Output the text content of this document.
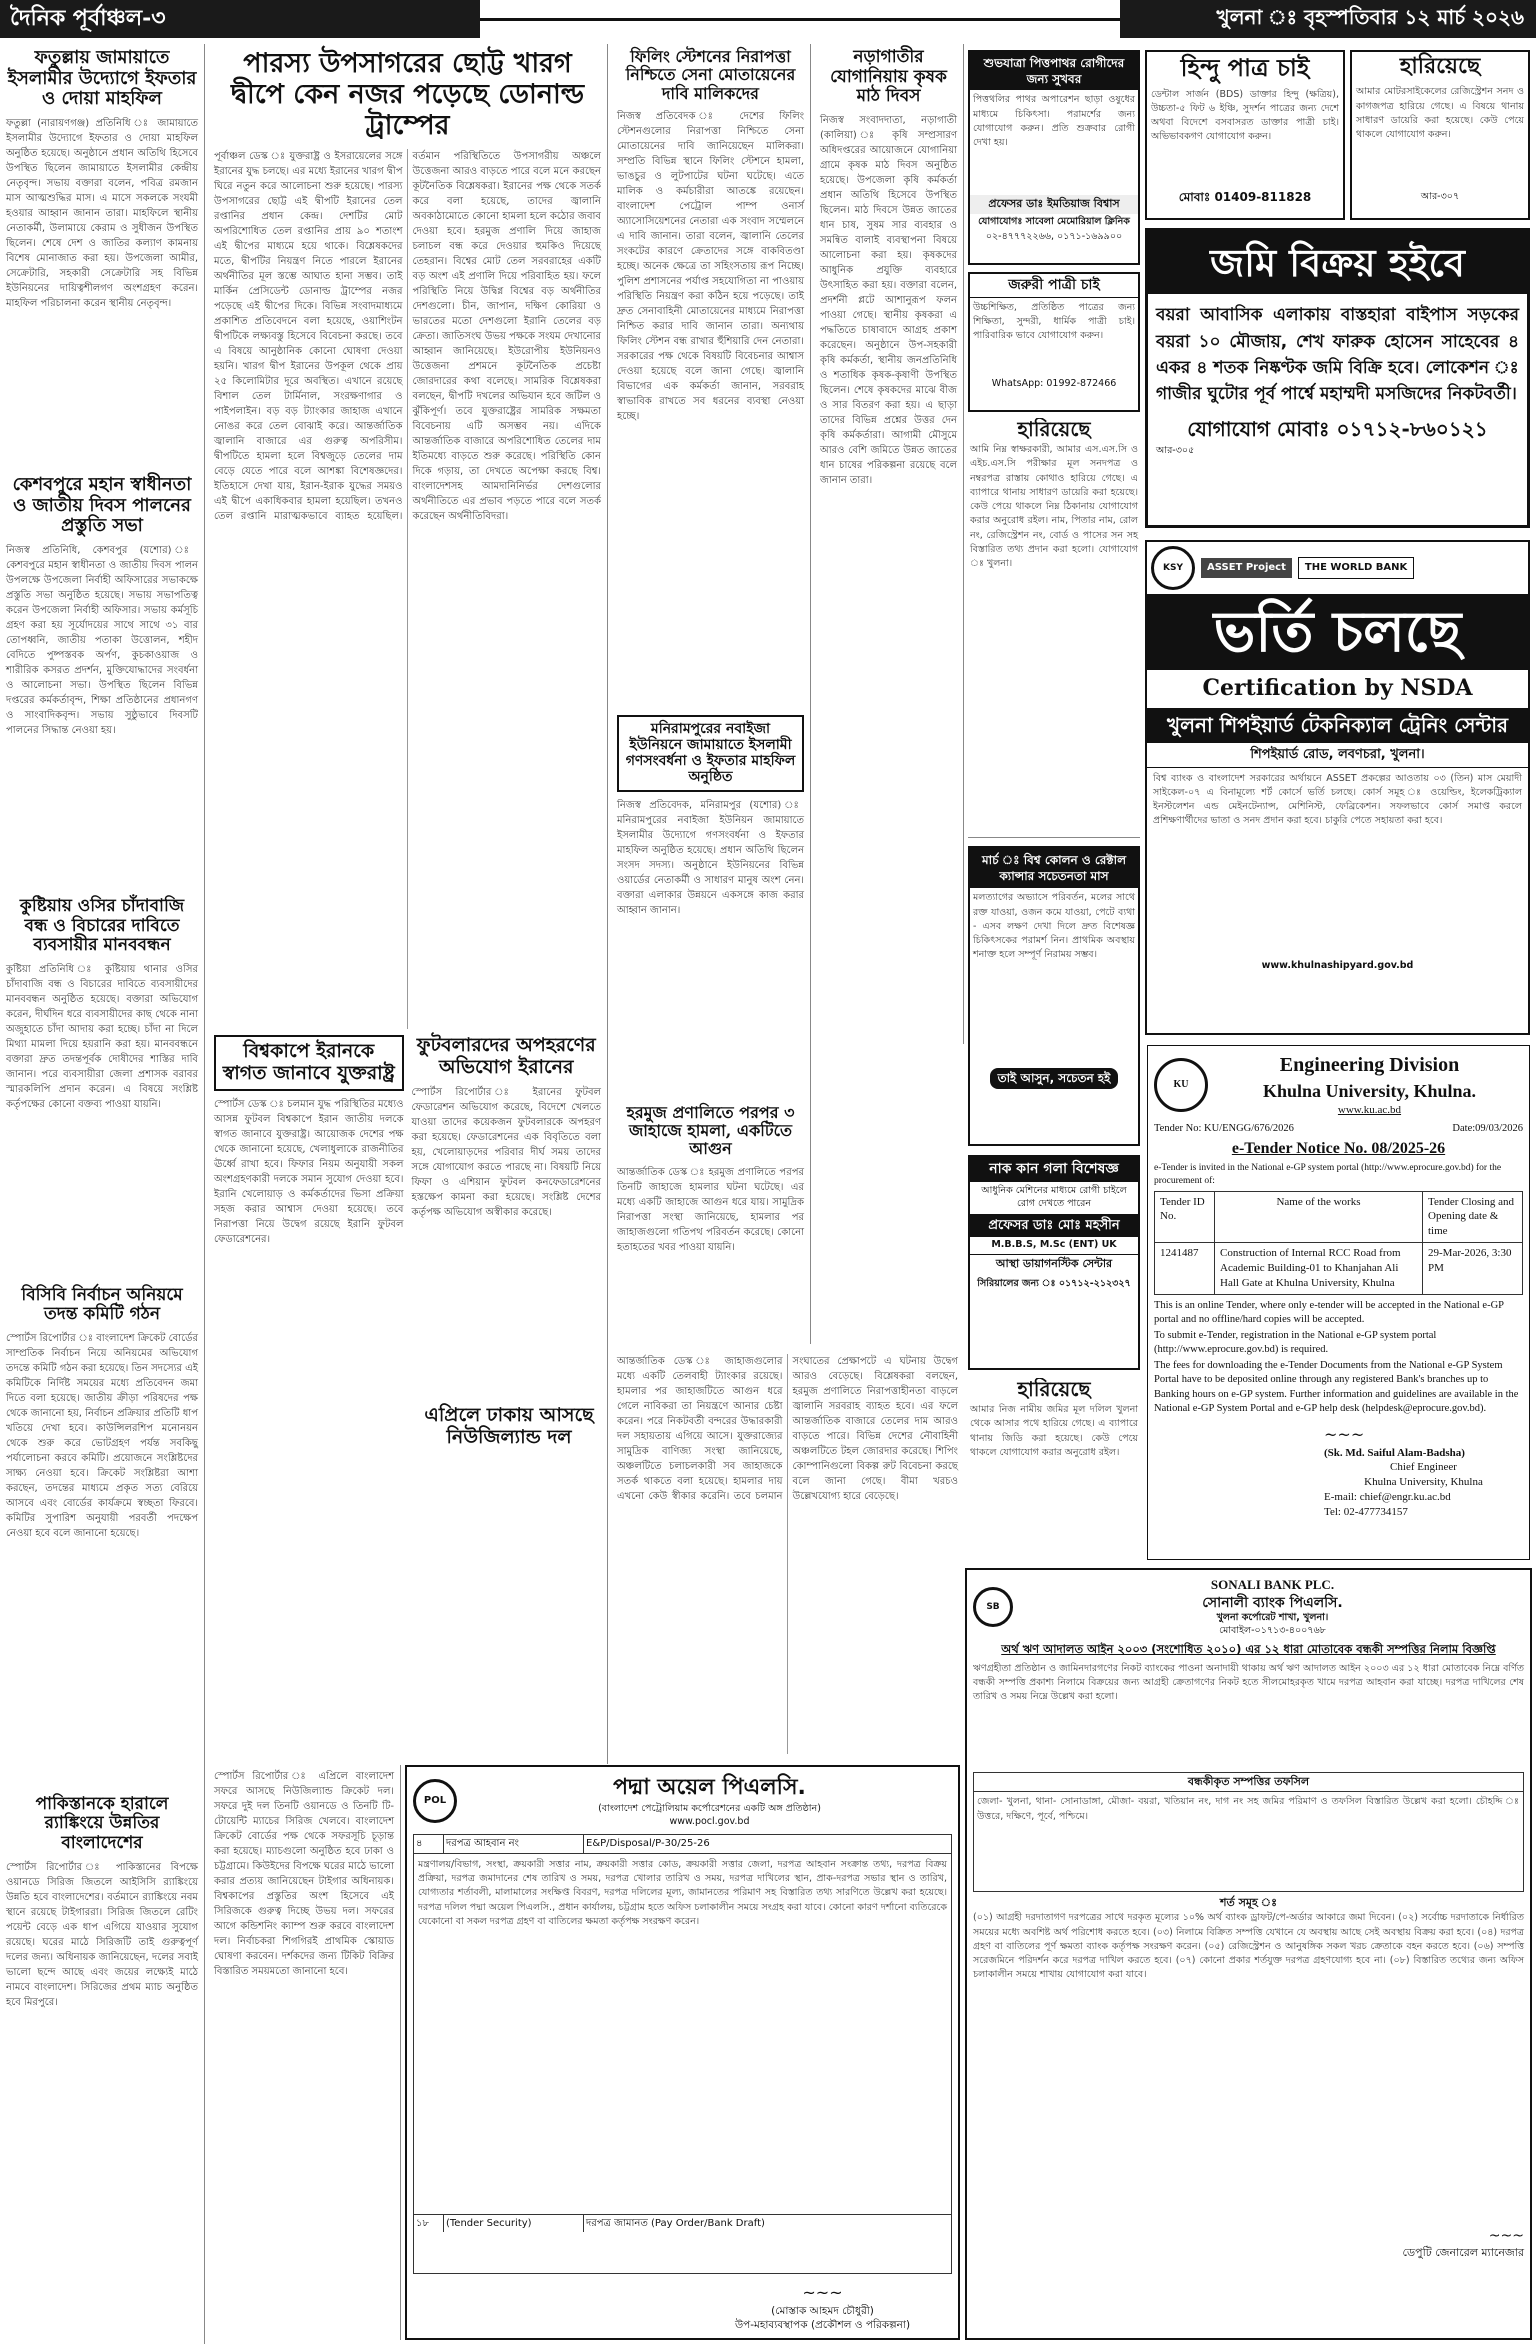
দৈনিক পূর্বাঞ্চল-৩	খুলনা ঃ বৃহস্পতিবার ১২ মার্চ ২০২৬
ফতুল্লায় জামায়াতে ইসলামীর উদ্যোগে ইফতার ও দোয়া মাহফিল
ফতুল্লা (নারায়ণগঞ্জ) প্রতিনিধি ঃ জামায়াতে ইসলামীর উদ্যোগে ইফতার ও দোয়া মাহফিল অনুষ্ঠিত হয়েছে। অনুষ্ঠানে প্রধান অতিথি হিসেবে উপস্থিত ছিলেন জামায়াতে ইসলামীর কেন্দ্রীয় নেতৃবৃন্দ। সভায় বক্তারা বলেন, পবিত্র রমজান মাস আত্মশুদ্ধির মাস। এ মাসে সকলকে সংযমী হওয়ার আহ্বান জানান তারা। মাহফিলে স্থানীয় নেতাকর্মী, উলামায়ে কেরাম ও সুধীজন উপস্থিত ছিলেন। শেষে দেশ ও জাতির কল্যাণ কামনায় বিশেষ মোনাজাত করা হয়। উপজেলা আমীর, সেক্রেটারি, সহকারী সেক্রেটারি সহ বিভিন্ন ইউনিয়নের দায়িত্বশীলগণ অংশগ্রহণ করেন। মাহফিল পরিচালনা করেন স্থানীয় নেতৃবৃন্দ।
কেশবপুরে মহান স্বাধীনতা ও জাতীয় দিবস পালনের প্রস্তুতি সভা
নিজস্ব প্রতিনিধি, কেশবপুর (যশোর) ঃ কেশবপুরে মহান স্বাধীনতা ও জাতীয় দিবস পালন উপলক্ষে উপজেলা নির্বাহী অফিসারের সভাকক্ষে প্রস্তুতি সভা অনুষ্ঠিত হয়েছে। সভায় সভাপতিত্ব করেন উপজেলা নির্বাহী অফিসার। সভায় কর্মসূচি গ্রহণ করা হয় সূর্যোদয়ের সাথে সাথে ৩১ বার তোপধ্বনি, জাতীয় পতাকা উত্তোলন, শহীদ বেদিতে পুষ্পস্তবক অর্পণ, কুচকাওয়াজ ও শারীরিক কসরত প্রদর্শন, মুক্তিযোদ্ধাদের সংবর্ধনা ও আলোচনা সভা। উপস্থিত ছিলেন বিভিন্ন দপ্তরের কর্মকর্তাবৃন্দ, শিক্ষা প্রতিষ্ঠানের প্রধানগণ ও সাংবাদিকবৃন্দ। সভায় সুষ্ঠুভাবে দিবসটি পালনের সিদ্ধান্ত নেওয়া হয়।
কুষ্টিয়ায় ওসির চাঁদাবাজি বন্ধ ও বিচারের দাবিতে ব্যবসায়ীর মানববন্ধন
কুষ্টিয়া প্রতিনিধি ঃ কুষ্টিয়ায় থানার ওসির চাঁদাবাজি বন্ধ ও বিচারের দাবিতে ব্যবসায়ীদের মানববন্ধন অনুষ্ঠিত হয়েছে। বক্তারা অভিযোগ করেন, দীর্ঘদিন ধরে ব্যবসায়ীদের কাছ থেকে নানা অজুহাতে চাঁদা আদায় করা হচ্ছে। চাঁদা না দিলে মিথ্যা মামলা দিয়ে হয়রানি করা হয়। মানববন্ধনে বক্তারা দ্রুত তদন্তপূর্বক দোষীদের শাস্তির দাবি জানান। পরে ব্যবসায়ীরা জেলা প্রশাসক বরাবর স্মারকলিপি প্রদান করেন। এ বিষয়ে সংশ্লিষ্ট কর্তৃপক্ষের কোনো বক্তব্য পাওয়া যায়নি।
বিসিবি নির্বাচন অনিয়মে তদন্ত কমিটি গঠন
স্পোর্টস রিপোর্টার ঃ বাংলাদেশ ক্রিকেট বোর্ডের সাম্প্রতিক নির্বাচন নিয়ে অনিয়মের অভিযোগ তদন্তে কমিটি গঠন করা হয়েছে। তিন সদস্যের এই কমিটিকে নির্দিষ্ট সময়ের মধ্যে প্রতিবেদন জমা দিতে বলা হয়েছে। জাতীয় ক্রীড়া পরিষদের পক্ষ থেকে জানানো হয়, নির্বাচন প্রক্রিয়ার প্রতিটি ধাপ খতিয়ে দেখা হবে। কাউন্সিলরশিপ মনোনয়ন থেকে শুরু করে ভোটগ্রহণ পর্যন্ত সবকিছু পর্যালোচনা করবে কমিটি। প্রয়োজনে সংশ্লিষ্টদের সাক্ষ্য নেওয়া হবে। ক্রিকেট সংশ্লিষ্টরা আশা করছেন, তদন্তের মাধ্যমে প্রকৃত সত্য বেরিয়ে আসবে এবং বোর্ডের কার্যক্রমে স্বচ্ছতা ফিরবে। কমিটির সুপারিশ অনুযায়ী পরবর্তী পদক্ষেপ নেওয়া হবে বলে জানানো হয়েছে।
পাকিস্তানকে হারালে র‍্যাঙ্কিংয়ে উন্নতির বাংলাদেশের
স্পোর্টস রিপোর্টার ঃ পাকিস্তানের বিপক্ষে ওয়ানডে সিরিজ জিতলে আইসিসি র‍্যাঙ্কিংয়ে উন্নতি হবে বাংলাদেশের। বর্তমানে র‍্যাঙ্কিংয়ে নবম স্থানে রয়েছে টাইগাররা। সিরিজ জিতলে রেটিং পয়েন্ট বেড়ে এক ধাপ এগিয়ে যাওয়ার সুযোগ রয়েছে। ঘরের মাঠে সিরিজটি তাই গুরুত্বপূর্ণ দলের জন্য। অধিনায়ক জানিয়েছেন, দলের সবাই ভালো ছন্দে আছে এবং জয়ের লক্ষ্যেই মাঠে নামবে বাংলাদেশ। সিরিজের প্রথম ম্যাচ অনুষ্ঠিত হবে মিরপুরে।
পারস্য উপসাগরের ছোট্ট খারগ দ্বীপে কেন নজর পড়েছে ডোনাল্ড ট্রাম্পের
পূর্বাঞ্চল ডেস্ক ঃ যুক্তরাষ্ট্র ও ইসরায়েলের সঙ্গে ইরানের যুদ্ধ চলছে। এর মধ্যে ইরানের খারগ দ্বীপ ঘিরে নতুন করে আলোচনা শুরু হয়েছে। পারস্য উপসাগরের ছোট্ট এই দ্বীপটি ইরানের তেল রপ্তানির প্রধান কেন্দ্র। দেশটির মোট অপরিশোধিত তেল রপ্তানির প্রায় ৯০ শতাংশ এই দ্বীপের মাধ্যমে হয়ে থাকে। বিশ্লেষকদের মতে, দ্বীপটির নিয়ন্ত্রণ নিতে পারলে ইরানের অর্থনীতির মূল স্তম্ভে আঘাত হানা সম্ভব। তাই মার্কিন প্রেসিডেন্ট ডোনাল্ড ট্রাম্পের নজর পড়েছে এই দ্বীপের দিকে। বিভিন্ন সংবাদমাধ্যমে প্রকাশিত প্রতিবেদনে বলা হয়েছে, ওয়াশিংটন দ্বীপটিকে লক্ষ্যবস্তু হিসেবে বিবেচনা করছে। তবে এ বিষয়ে আনুষ্ঠানিক কোনো ঘোষণা দেওয়া হয়নি। খারগ দ্বীপ ইরানের উপকূল থেকে প্রায় ২৫ কিলোমিটার দূরে অবস্থিত। এখানে রয়েছে বিশাল তেল টার্মিনাল, সংরক্ষণাগার ও পাইপলাইন। বড় বড় ট্যাংকার জাহাজ এখানে নোঙর করে তেল বোঝাই করে। আন্তর্জাতিক জ্বালানি বাজারে এর গুরুত্ব অপরিসীম। দ্বীপটিতে হামলা হলে বিশ্বজুড়ে তেলের দাম বেড়ে যেতে পারে বলে আশঙ্কা বিশেষজ্ঞদের। ইতিহাসে দেখা যায়, ইরান-ইরাক যুদ্ধের সময়ও এই দ্বীপে একাধিকবার হামলা হয়েছিল। তখনও তেল রপ্তানি মারাত্মকভাবে ব্যাহত হয়েছিল। বর্তমান পরিস্থিতিতে উপসাগরীয় অঞ্চলে উত্তেজনা আরও বাড়তে পারে বলে মনে করছেন কূটনৈতিক বিশ্লেষকরা। ইরানের পক্ষ থেকে সতর্ক করে বলা হয়েছে, তাদের জ্বালানি অবকাঠামোতে কোনো হামলা হলে কঠোর জবাব দেওয়া হবে। হরমুজ প্রণালি দিয়ে জাহাজ চলাচল বন্ধ করে দেওয়ার হুমকিও দিয়েছে তেহরান। বিশ্বের মোট তেল সরবরাহের একটি বড় অংশ এই প্রণালি দিয়ে পরিবাহিত হয়। ফলে পরিস্থিতি নিয়ে উদ্বিগ্ন বিশ্বের বড় অর্থনীতির দেশগুলো। চীন, জাপান, দক্ষিণ কোরিয়া ও ভারতের মতো দেশগুলো ইরানি তেলের বড় ক্রেতা। জাতিসংঘ উভয় পক্ষকে সংযম দেখানোর আহ্বান জানিয়েছে। ইউরোপীয় ইউনিয়নও উত্তেজনা প্রশমনে কূটনৈতিক প্রচেষ্টা জোরদারের কথা বলেছে। সামরিক বিশ্লেষকরা বলছেন, দ্বীপটি দখলের অভিযান হবে জটিল ও ঝুঁকিপূর্ণ। তবে যুক্তরাষ্ট্রের সামরিক সক্ষমতা বিবেচনায় এটি অসম্ভব নয়। এদিকে আন্তর্জাতিক বাজারে অপরিশোধিত তেলের দাম ইতিমধ্যে বাড়তে শুরু করেছে। পরিস্থিতি কোন দিকে গড়ায়, তা দেখতে অপেক্ষা করছে বিশ্ব। বাংলাদেশসহ আমদানিনির্ভর দেশগুলোর অর্থনীতিতে এর প্রভাব পড়তে পারে বলে সতর্ক করেছেন অর্থনীতিবিদরা।
বিশ্বকাপে ইরানকে স্বাগত জানাবে যুক্তরাষ্ট্র
স্পোর্টস ডেস্ক ঃ চলমান যুদ্ধ পরিস্থিতির মধ্যেও আসন্ন ফুটবল বিশ্বকাপে ইরান জাতীয় দলকে স্বাগত জানাবে যুক্তরাষ্ট্র। আয়োজক দেশের পক্ষ থেকে জানানো হয়েছে, খেলাধুলাকে রাজনীতির ঊর্ধ্বে রাখা হবে। ফিফার নিয়ম অনুযায়ী সকল অংশগ্রহণকারী দলকে সমান সুযোগ দেওয়া হবে। ইরানি খেলোয়াড় ও কর্মকর্তাদের ভিসা প্রক্রিয়া সহজ করার আশ্বাস দেওয়া হয়েছে। তবে নিরাপত্তা নিয়ে উদ্বেগ রয়েছে ইরানি ফুটবল ফেডারেশনের।
ফুটবলারদের অপহরণের অভিযোগ ইরানের
স্পোর্টস রিপোর্টার ঃ ইরানের ফুটবল ফেডারেশন অভিযোগ করেছে, বিদেশে খেলতে যাওয়া তাদের কয়েকজন ফুটবলারকে অপহরণ করা হয়েছে। ফেডারেশনের এক বিবৃতিতে বলা হয়, খেলোয়াড়দের পরিবার দীর্ঘ সময় তাদের সঙ্গে যোগাযোগ করতে পারছে না। বিষয়টি নিয়ে ফিফা ও এশিয়ান ফুটবল কনফেডারেশনের হস্তক্ষেপ কামনা করা হয়েছে। সংশ্লিষ্ট দেশের কর্তৃপক্ষ অভিযোগ অস্বীকার করেছে।
এপ্রিলে ঢাকায় আসছে নিউজিল্যান্ড দল
ফিলিং স্টেশনের নিরাপত্তা নিশ্চিতে সেনা মোতায়েনের দাবি মালিকদের
নিজস্ব প্রতিবেদক ঃ দেশের ফিলিং স্টেশনগুলোর নিরাপত্তা নিশ্চিতে সেনা মোতায়েনের দাবি জানিয়েছেন মালিকরা। সম্প্রতি বিভিন্ন স্থানে ফিলিং স্টেশনে হামলা, ভাঙচুর ও লুটপাটের ঘটনা ঘটেছে। এতে মালিক ও কর্মচারীরা আতঙ্কে রয়েছেন। বাংলাদেশ পেট্রোল পাম্প ওনার্স অ্যাসোসিয়েশনের নেতারা এক সংবাদ সম্মেলনে এ দাবি জানান। তারা বলেন, জ্বালানি তেলের সংকটের কারণে ক্রেতাদের সঙ্গে বাকবিতণ্ডা হচ্ছে। অনেক ক্ষেত্রে তা সহিংসতায় রূপ নিচ্ছে। পুলিশ প্রশাসনের পর্যাপ্ত সহযোগিতা না পাওয়ায় পরিস্থিতি নিয়ন্ত্রণ করা কঠিন হয়ে পড়েছে। তাই দ্রুত সেনাবাহিনী মোতায়েনের মাধ্যমে নিরাপত্তা নিশ্চিত করার দাবি জানান তারা। অন্যথায় ফিলিং স্টেশন বন্ধ রাখার হুঁশিয়ারি দেন নেতারা। সরকারের পক্ষ থেকে বিষয়টি বিবেচনার আশ্বাস দেওয়া হয়েছে বলে জানা গেছে। জ্বালানি বিভাগের এক কর্মকর্তা জানান, সরবরাহ স্বাভাবিক রাখতে সব ধরনের ব্যবস্থা নেওয়া হচ্ছে।
মনিরামপুরের নবাইজা ইউনিয়নে জামায়াতে ইসলামী গণসংবর্ধনা ও ইফতার মাহফিল অনুষ্ঠিত
নিজস্ব প্রতিবেদক, মনিরামপুর (যশোর) ঃ মনিরামপুরের নবাইজা ইউনিয়ন জামায়াতে ইসলামীর উদ্যোগে গণসংবর্ধনা ও ইফতার মাহফিল অনুষ্ঠিত হয়েছে। প্রধান অতিথি ছিলেন সংসদ সদস্য। অনুষ্ঠানে ইউনিয়নের বিভিন্ন ওয়ার্ডের নেতাকর্মী ও সাধারণ মানুষ অংশ নেন। বক্তারা এলাকার উন্নয়নে একসঙ্গে কাজ করার আহ্বান জানান।
হরমুজ প্রণালিতে পরপর ৩ জাহাজে হামলা, একটিতে আগুন
আন্তর্জাতিক ডেস্ক ঃ হরমুজ প্রণালিতে পরপর তিনটি জাহাজে হামলার ঘটনা ঘটেছে। এর মধ্যে একটি জাহাজে আগুন ধরে যায়। সামুদ্রিক নিরাপত্তা সংস্থা জানিয়েছে, হামলার পর জাহাজগুলো গতিপথ পরিবর্তন করেছে। কোনো হতাহতের খবর পাওয়া যায়নি।
নড়াগাতীর যোগানিয়ায় কৃষক মাঠ দিবস
নিজস্ব সংবাদদাতা, নড়াগাতী (কালিয়া) ঃ কৃষি সম্প্রসারণ অধিদপ্তরের আয়োজনে যোগানিয়া গ্রামে কৃষক মাঠ দিবস অনুষ্ঠিত হয়েছে। উপজেলা কৃষি কর্মকর্তা প্রধান অতিথি হিসেবে উপস্থিত ছিলেন। মাঠ দিবসে উন্নত জাতের ধান চাষ, সুষম সার ব্যবহার ও সমন্বিত বালাই ব্যবস্থাপনা বিষয়ে আলোচনা করা হয়। কৃষকদের আধুনিক প্রযুক্তি ব্যবহারে উৎসাহিত করা হয়। বক্তারা বলেন, প্রদর্শনী প্লটে আশানুরূপ ফলন পাওয়া গেছে। স্থানীয় কৃষকরা এ পদ্ধতিতে চাষাবাদে আগ্রহ প্রকাশ করেছেন। অনুষ্ঠানে উপ-সহকারী কৃষি কর্মকর্তা, স্থানীয় জনপ্রতিনিধি ও শতাধিক কৃষক-কৃষাণী উপস্থিত ছিলেন। শেষে কৃষকদের মাঝে বীজ ও সার বিতরণ করা হয়। এ ছাড়া তাদের বিভিন্ন প্রশ্নের উত্তর দেন কৃষি কর্মকর্তারা। আগামী মৌসুমে আরও বেশি জমিতে উন্নত জাতের ধান চাষের পরিকল্পনা রয়েছে বলে জানান তারা।
শুভযাত্রা পিত্তপাথর রোগীদের জন্য সুখবর
পিত্তথলির পাথর অপারেশন ছাড়া ওষুধের মাধ্যমে চিকিৎসা। পরামর্শের জন্য যোগাযোগ করুন। প্রতি শুক্রবার রোগী দেখা হয়।
প্রফেসর ডাঃ ইমতিয়াজ বিশ্বাস
যোগাযোগঃ সাবেলা মেমোরিয়াল ক্লিনিক
০২-৪৭৭৭২২৬৬, ০১৭১-১৬৯৯০০
জরুরী পাত্রী চাই
উচ্চশিক্ষিত, প্রতিষ্ঠিত পাত্রের জন্য শিক্ষিতা, সুন্দরী, ধার্মিক পাত্রী চাই। পারিবারিক ভাবে যোগাযোগ করুন।
WhatsApp: 01992-872466
হারিয়েছে
আমি নিম্ন স্বাক্ষরকারী, আমার এস.এস.সি ও এইচ.এস.সি পরীক্ষার মূল সনদপত্র ও নম্বরপত্র রাস্তায় কোথাও হারিয়ে গেছে। এ ব্যাপারে থানায় সাধারণ ডায়েরি করা হয়েছে। কেউ পেয়ে থাকলে নিম্ন ঠিকানায় যোগাযোগ করার অনুরোধ রইল। নাম, পিতার নাম, রোল নং, রেজিস্ট্রেশন নং, বোর্ড ও পাসের সন সহ বিস্তারিত তথ্য প্রদান করা হলো। যোগাযোগ ঃ খুলনা।
মার্চ ঃ বিশ্ব কোলন ও রেক্টাল ক্যান্সার সচেতনতা মাস
মলত্যাগের অভ্যাসে পরিবর্তন, মলের সাথে রক্ত যাওয়া, ওজন কমে যাওয়া, পেটে ব্যথা - এসব লক্ষণ দেখা দিলে দ্রুত বিশেষজ্ঞ চিকিৎসকের পরামর্শ নিন। প্রাথমিক অবস্থায় শনাক্ত হলে সম্পূর্ণ নিরাময় সম্ভব।
তাই আসুন, সচেতন হই
নাক কান গলা বিশেষজ্ঞ
আধুনিক মেশিনের মাধ্যমে রোগী চাইলে রোগ দেখতে পারেন
প্রফেসর ডাঃ মোঃ মহসীন
M.B.B.S, M.Sc (ENT) UK
আস্থা ডায়াগনস্টিক সেন্টার
সিরিয়ালের জন্য ঃ ০১৭১২-২১২৩২৭
হারিয়েছে
আমার নিজ নামীয় জমির মূল দলিল খুলনা থেকে আসার পথে হারিয়ে গেছে। এ ব্যাপারে থানায় জিডি করা হয়েছে। কেউ পেয়ে থাকলে যোগাযোগ করার অনুরোধ রইল।
হিন্দু পাত্র চাই
ডেন্টাল সার্জন (BDS) ডাক্তার হিন্দু (ক্ষত্রিয়), উচ্চতা-৫ ফিট ৬ ইঞ্চি, সুদর্শন পাত্রের জন্য দেশে অথবা বিদেশে বসবাসরত ডাক্তার পাত্রী চাই। অভিভাবকগণ যোগাযোগ করুন।
মোবাঃ 01409-811828
হারিয়েছে
আমার মোটরসাইকেলের রেজিস্ট্রেশন সনদ ও কাগজপত্র হারিয়ে গেছে। এ বিষয়ে থানায় সাধারণ ডায়েরি করা হয়েছে। কেউ পেয়ে থাকলে যোগাযোগ করুন।
আর-৩০৭
জমি বিক্রয় হইবে
বয়রা আবাসিক এলাকায় বাস্তহারা বাইপাস সড়কের বয়রা ১০ মৌজায়, শেখ ফারুক হোসেন সাহেবের ৪ একর ৪ শতক নিষ্কণ্টক জমি বিক্রি হবে। লোকেশন ঃ গাজীর ঘুটোর পূর্ব পার্শ্বে মহাম্মদী মসজিদের নিকটবর্তী।
যোগাযোগ মোবাঃ ০১৭১২-৮৬০১২১
আর-৩০৫
KSY	ASSET Project	THE WORLD BANK
ভর্তি চলছে
Certification by NSDA
খুলনা শিপইয়ার্ড টেকনিক্যাল ট্রেনিং সেন্টার
শিপইয়ার্ড রোড, লবণচরা, খুলনা।
বিশ্ব ব্যাংক ও বাংলাদেশ সরকারের অর্থায়নে ASSET প্রকল্পের আওতায় ০৩ (তিন) মাস মেয়াদী সাইকেল-০৭ এ বিনামূল্যে শর্ট কোর্সে ভর্তি চলছে। কোর্স সমূহ ঃ ওয়েল্ডিং, ইলেকট্রিক্যাল ইনস্টলেশন এন্ড মেইনটেন্যান্স, মেশিনিস্ট, ফেব্রিকেশন। সফলভাবে কোর্স সমাপ্ত করলে প্রশিক্ষণার্থীদের ভাতা ও সনদ প্রদান করা হবে। চাকুরি পেতে সহায়তা করা হবে।
www.khulnashipyard.gov.bd
KU
Engineering Division
Khulna University, Khulna.
www.ku.ac.bd
Tender No: KU/ENGG/676/2026	Date:09/03/2026
e-Tender Notice No. 08/2025-26
e-Tender is invited in the National e-GP system portal (http://www.eprocure.gov.bd) for the procurement of:
Tender ID No.	Name of the works	Tender Closing and Opening date & time
1241487	Construction of Internal RCC Road from Academic Building-01 to Khanjahan Ali Hall Gate at Khulna University, Khulna	29-Mar-2026, 3:30 PM
This is an online Tender, where only e-tender will be accepted in the National e-GP portal and no offline/hard copies will be accepted.
To submit e-Tender, registration in the National e-GP system portal (http://www.eprocure.gov.bd) is required.
The fees for downloading the e-Tender Documents from the National e-GP System Portal have to be deposited online through any registered Bank's branches up to Banking hours on e-GP system. Further information and guidelines are available in the National e-GP System Portal and e-GP help desk (helpdesk@eprocure.gov.bd).
~~~
(Sk. Md. Saiful Alam-Badsha)
Chief Engineer
Khulna University, Khulna
E-mail: chief@engr.ku.ac.bd
Tel: 02-477734157
POL
পদ্মা অয়েল পিএলসি.
(বাংলাদেশ পেট্রোলিয়াম কর্পোরেশনের একটি অঙ্গ প্রতিষ্ঠান)
www.pocl.gov.bd
৪	দরপত্র আহবান নং	E&P/Disposal/P-30/25-26
মন্ত্রণালয়/বিভাগ, সংস্থা, ক্রয়কারী সত্তার নাম, ক্রয়কারী সত্তার কোড, ক্রয়কারী সত্তার জেলা, দরপত্র আহবান সংক্রান্ত তথ্য, দরপত্র বিক্রয় প্রক্রিয়া, দরপত্র জমাদানের শেষ তারিখ ও সময়, দরপত্র খোলার তারিখ ও সময়, দরপত্র দাখিলের স্থান, প্রাক-দরপত্র সভার স্থান ও তারিখ, যোগ্যতার শর্তাবলী, মালামালের সংক্ষিপ্ত বিবরণ, দরপত্র দলিলের মূল্য, জামানতের পরিমাণ সহ বিস্তারিত তথ্য সারণিতে উল্লেখ করা হয়েছে। দরপত্র দলিল পদ্মা অয়েল পিএলসি., প্রধান কার্যালয়, চট্টগ্রাম হতে অফিস চলাকালীন সময়ে সংগ্রহ করা যাবে। কোনো কারণ দর্শানো ব্যতিরেকে যেকোনো বা সকল দরপত্র গ্রহণ বা বাতিলের ক্ষমতা কর্তৃপক্ষ সংরক্ষণ করেন।
১৮	(Tender Security)	দরপত্র জামানত (Pay Order/Bank Draft)
~~~
(মোস্তাক আহমদ চৌধুরী)
উপ-মহাব্যবস্থাপক (প্রকৌশল ও পরিকল্পনা)
SB
SONALI BANK PLC.
সোনালী ব্যাংক পিএলসি.
খুলনা কর্পোরেট শাখা, খুলনা।
মোবাইল-০১৭১৩-৪০০৭৬৮
অর্থ ঋণ আদালত আইন ২০০৩ (সংশোধিত ২০১০) এর ১২ ধারা মোতাবেক বন্ধকী সম্পত্তির নিলাম বিজ্ঞপ্তি
ঋণগ্রহীতা প্রতিষ্ঠান ও জামিনদারগণের নিকট ব্যাংকের পাওনা অনাদায়ী থাকায় অর্থ ঋণ আদালত আইন ২০০৩ এর ১২ ধারা মোতাবেক নিম্নে বর্ণিত বন্ধকী সম্পত্তি প্রকাশ্য নিলামে বিক্রয়ের জন্য আগ্রহী ক্রেতাগণের নিকট হতে সীলমোহরকৃত খামে দরপত্র আহবান করা যাচ্ছে। দরপত্র দাখিলের শেষ তারিখ ও সময় নিম্নে উল্লেখ করা হলো।
বন্ধকীকৃত সম্পত্তির তফসিল
জেলা- খুলনা, থানা- সোনাডাঙ্গা, মৌজা- বয়রা, খতিয়ান নং, দাগ নং সহ জমির পরিমাণ ও তফসিল বিস্তারিত উল্লেখ করা হলো। চৌহদ্দি ঃ উত্তরে, দক্ষিণে, পূর্বে, পশ্চিমে।
শর্ত সমূহ ঃ
(০১) আগ্রহী দরদাতাগণ দরপত্রের সাথে দরকৃত মূল্যের ১০% অর্থ ব্যাংক ড্রাফট/পে-অর্ডার আকারে জমা দিবেন। (০২) সর্বোচ্চ দরদাতাকে নির্ধারিত সময়ের মধ্যে অবশিষ্ট অর্থ পরিশোধ করতে হবে। (০৩) নিলামে বিক্রিত সম্পত্তি যেখানে যে অবস্থায় আছে সেই অবস্থায় বিক্রয় করা হবে। (০৪) দরপত্র গ্রহণ বা বাতিলের পূর্ণ ক্ষমতা ব্যাংক কর্তৃপক্ষ সংরক্ষণ করেন। (০৫) রেজিস্ট্রেশন ও আনুষঙ্গিক সকল খরচ ক্রেতাকে বহন করতে হবে। (০৬) সম্পত্তি সরেজমিনে পরিদর্শন করে দরপত্র দাখিল করতে হবে। (০৭) কোনো প্রকার শর্তযুক্ত দরপত্র গ্রহণযোগ্য হবে না। (০৮) বিস্তারিত তথ্যের জন্য অফিস চলাকালীন সময়ে শাখায় যোগাযোগ করা যাবে।
~~~
ডেপুটি জেনারেল ম্যানেজার
স্পোর্টস রিপোর্টার ঃ এপ্রিলে বাংলাদেশ সফরে আসছে নিউজিল্যান্ড ক্রিকেট দল। সফরে দুই দল তিনটি ওয়ানডে ও তিনটি টি-টোয়েন্টি ম্যাচের সিরিজ খেলবে। বাংলাদেশ ক্রিকেট বোর্ডের পক্ষ থেকে সফরসূচি চূড়ান্ত করা হয়েছে। ম্যাচগুলো অনুষ্ঠিত হবে ঢাকা ও চট্টগ্রামে। কিউইদের বিপক্ষে ঘরের মাঠে ভালো করার প্রত্যয় জানিয়েছেন টাইগার অধিনায়ক। বিশ্বকাপের প্রস্তুতির অংশ হিসেবে এই সিরিজকে গুরুত্ব দিচ্ছে উভয় দল। সফরের আগে কন্ডিশনিং ক্যাম্প শুরু করবে বাংলাদেশ দল। নির্বাচকরা শিগগিরই প্রাথমিক স্কোয়াড ঘোষণা করবেন। দর্শকদের জন্য টিকিট বিক্রির বিস্তারিত সময়মতো জানানো হবে।
আন্তর্জাতিক ডেস্ক ঃ জাহাজগুলোর মধ্যে একটি তেলবাহী ট্যাংকার রয়েছে। হামলার পর জাহাজটিতে আগুন ধরে গেলে নাবিকরা তা নিয়ন্ত্রণে আনার চেষ্টা করেন। পরে নিকটবর্তী বন্দরের উদ্ধারকারী দল সহায়তায় এগিয়ে আসে। যুক্তরাজ্যের সামুদ্রিক বাণিজ্য সংস্থা জানিয়েছে, অঞ্চলটিতে চলাচলকারী সব জাহাজকে সতর্ক থাকতে বলা হয়েছে। হামলার দায় এখনো কেউ স্বীকার করেনি। তবে চলমান সংঘাতের প্রেক্ষাপটে এ ঘটনায় উদ্বেগ আরও বেড়েছে। বিশ্লেষকরা বলছেন, হরমুজ প্রণালিতে নিরাপত্তাহীনতা বাড়লে জ্বালানি সরবরাহ ব্যাহত হবে। এর ফলে আন্তর্জাতিক বাজারে তেলের দাম আরও বাড়তে পারে। বিভিন্ন দেশের নৌবাহিনী অঞ্চলটিতে টহল জোরদার করেছে। শিপিং কোম্পানিগুলো বিকল্প রুট বিবেচনা করছে বলে জানা গেছে। বীমা খরচও উল্লেখযোগ্য হারে বেড়েছে।
